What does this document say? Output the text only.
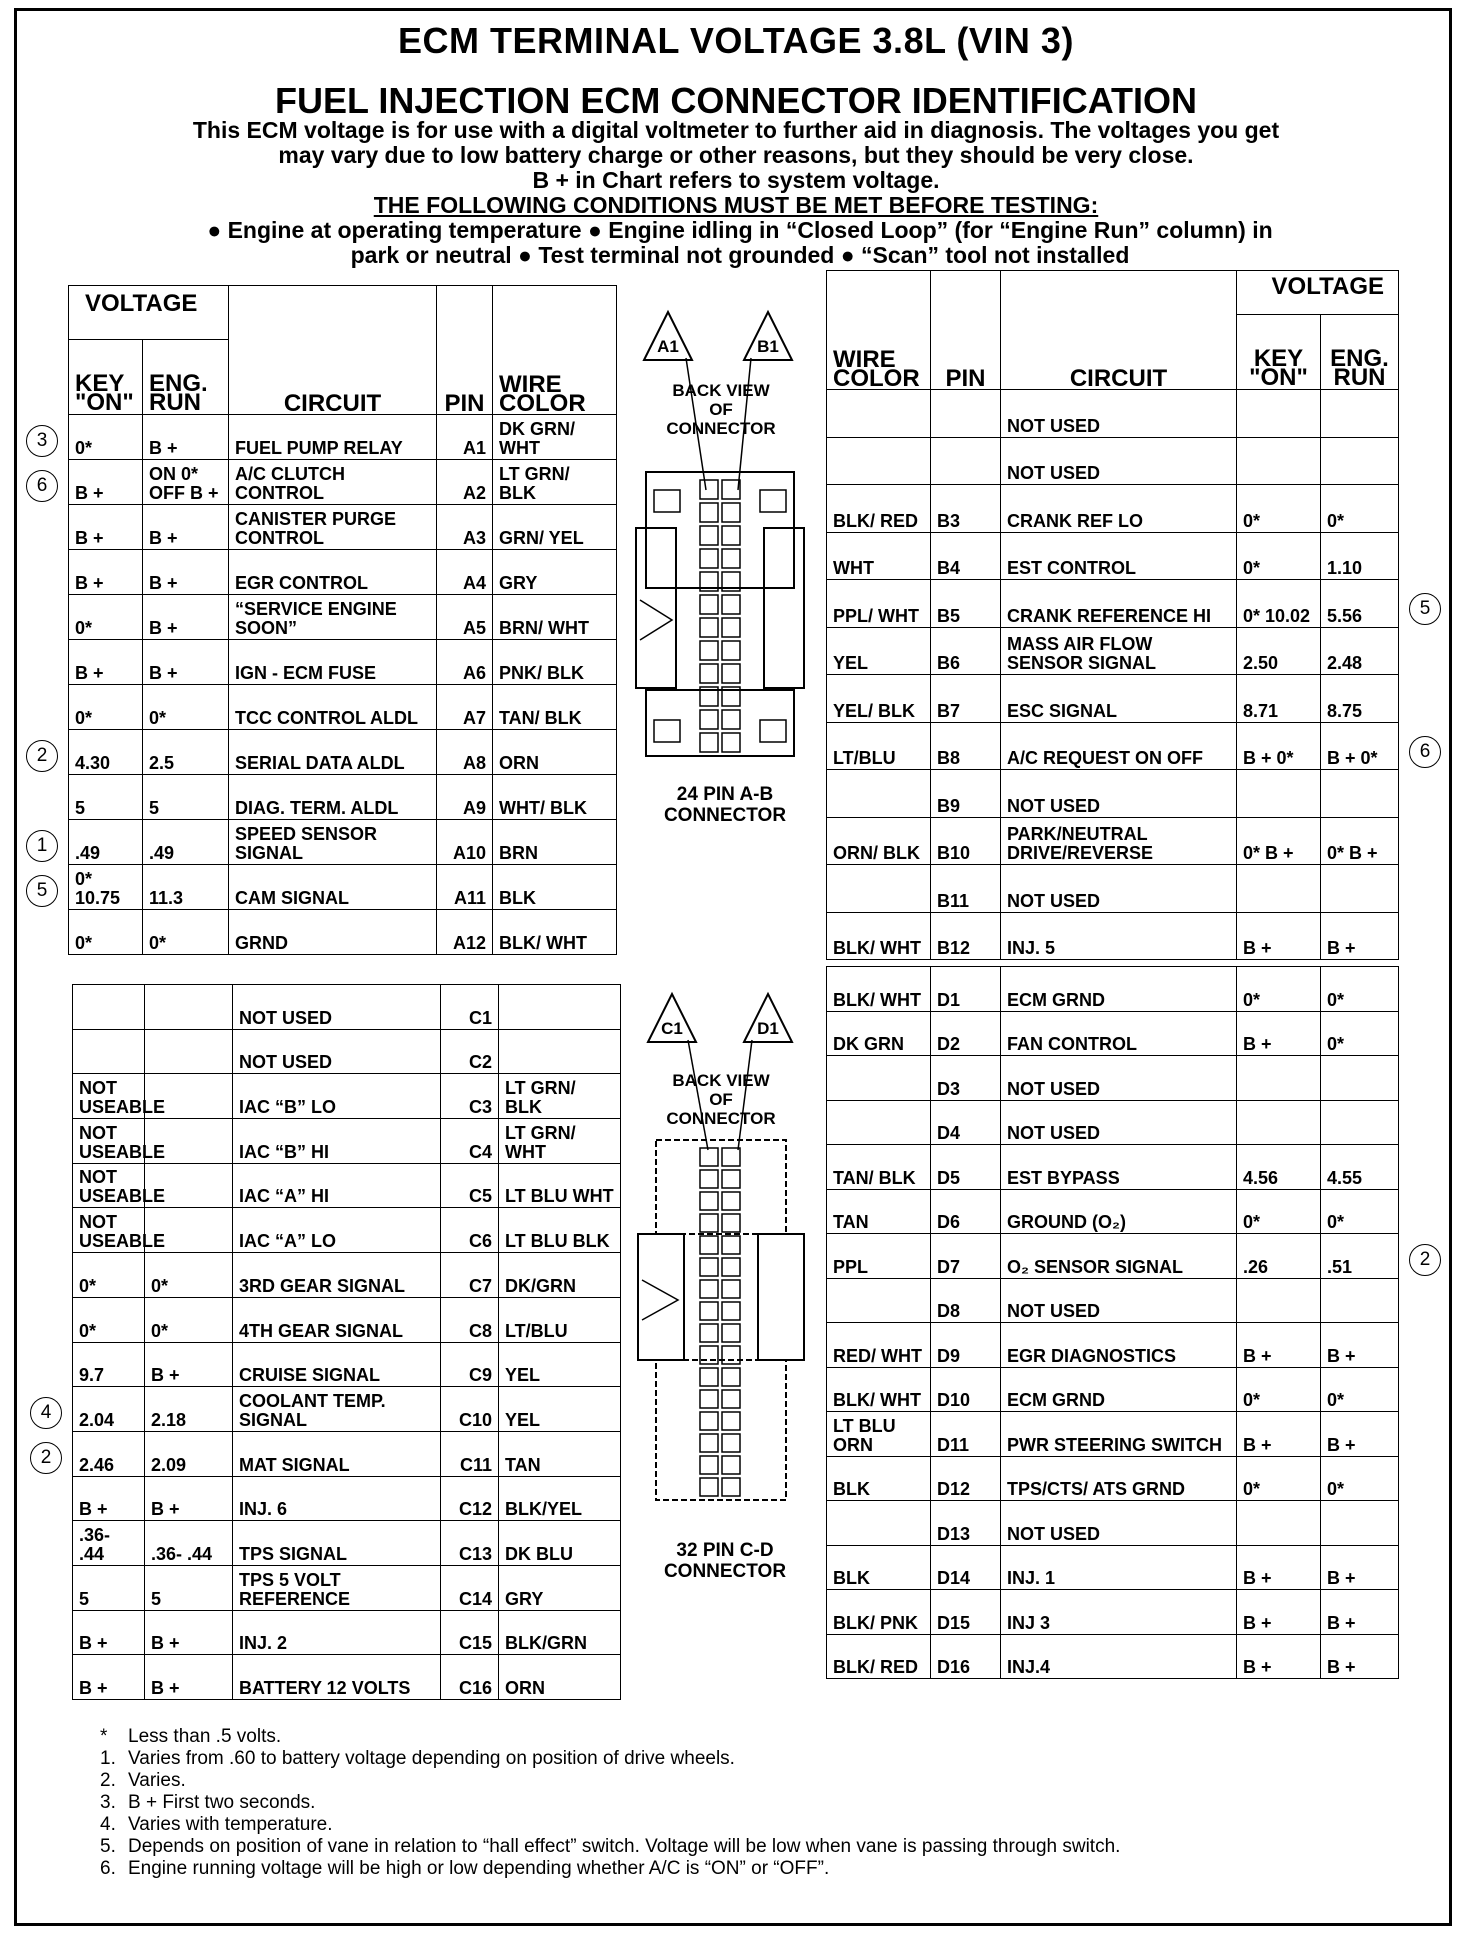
ECM TERMINAL VOLTAGE 3.8L (VIN 3)
FUEL INJECTION ECM CONNECTOR IDENTIFICATION
This ECM voltage is for use with a digital voltmeter to further aid in diagnosis. The voltages you get
may vary due to low battery charge or other reasons, but they should be very close.
B + in Chart refers to system voltage.
THE FOLLOWING CONDITIONS MUST BE MET BEFORE TESTING:
● Engine at operating temperature ● Engine idling in “Closed Loop” (for “Engine Run” column) in
park or neutral ● Test terminal not grounded ● “Scan” tool not installed
VOLTAGE
KEY "ON"
ENG. RUN		CIRCUIT	PIN	WIRE COLOR
0*	B +	FUEL PUMP RELAY	A1	DK GRN/ WHT
B +	ON 0* OFF B +	A/C CLUTCH CONTROL	A2	LT GRN/ BLK
B +	B +	CANISTER PURGE CONTROL	A3	GRN/ YEL
B +	B +	EGR CONTROL	A4	GRY
0*	B +	“SERVICE ENGINE SOON”	A5	BRN/ WHT
B +	B +	IGN - ECM FUSE	A6	PNK/ BLK
0*	0*	TCC CONTROL ALDL	A7	TAN/ BLK
4.30	2.5	SERIAL DATA ALDL	A8	ORN
5	5	DIAG. TERM. ALDL	A9	WHT/ BLK
.49	.49	SPEED SENSOR SIGNAL	A10	BRN
0* 10.75	11.3	CAM SIGNAL	A11	BLK
0*	0*	GRND	A12	BLK/ WHT
		NOT USED	C1	
		NOT USED	C2	
NOT USEABLE		IAC “B” LO	C3	LT GRN/ BLK
NOT USEABLE		IAC “B” HI	C4	LT GRN/ WHT
NOT USEABLE		IAC “A” HI	C5	LT BLU WHT
NOT USEABLE		IAC “A” LO	C6	LT BLU BLK
0*	0*	3RD GEAR SIGNAL	C7	DK/GRN
0*	0*	4TH GEAR SIGNAL	C8	LT/BLU
9.7	B +	CRUISE SIGNAL	C9	YEL
2.04	2.18	COOLANT TEMP. SIGNAL	C10	YEL
2.46	2.09	MAT SIGNAL	C11	TAN
B +	B +	INJ. 6	C12	BLK/YEL
.36- .44	.36- .44	TPS SIGNAL	C13	DK BLU
5	5	TPS 5 VOLT REFERENCE	C14	GRY
B +	B +	INJ. 2	C15	BLK/GRN
B +	B +	BATTERY 12 VOLTS	C16	ORN
WIRE COLOR	PIN	CIRCUIT	VOLTAGE
KEY "ON"
ENG. RUN	

		NOT USED		
		NOT USED		
BLK/ RED	B3	CRANK REF LO	0*	0*
WHT	B4	EST CONTROL	0*	1.10
PPL/ WHT	B5	CRANK REFERENCE HI	0* 10.02	5.56
YEL	B6	MASS AIR FLOW SENSOR SIGNAL	2.50	2.48
YEL/ BLK	B7	ESC SIGNAL	8.71	8.75
LT/BLU	B8	A/C REQUEST ON OFF	B + 0*	B + 0*
	B9	NOT USED		
ORN/ BLK	B10	PARK/NEUTRAL DRIVE/REVERSE	0* B +	0* B +
	B11	NOT USED		
BLK/ WHT	B12	INJ. 5	B +	B +
BLK/ WHT	D1	ECM GRND	0*	0*
DK GRN	D2	FAN CONTROL	B +	0*
	D3	NOT USED		
	D4	NOT USED		
TAN/ BLK	D5	EST BYPASS	4.56	4.55
TAN	D6	GROUND (O₂)	0*	0*
PPL	D7	O₂ SENSOR SIGNAL	.26	.51
	D8	NOT USED		
RED/ WHT	D9	EGR DIAGNOSTICS	B +	B +
BLK/ WHT	D10	ECM GRND	0*	0*
LT BLU ORN	D11	PWR STEERING SWITCH	B +	B +
BLK	D12	TPS/CTS/ ATS GRND	0*	0*
	D13	NOT USED		
BLK	D14	INJ. 1	B +	B +
BLK/ PNK	D15	INJ 3	B +	B +
BLK/ RED	D16	INJ.4	B +	B +
A1	B1
BACK VIEW
OF
CONNECTOR
24 PIN A-B CONNECTOR
C1	D1
BACK VIEW
OF
CONNECTOR
32 PIN C-D CONNECTOR
*	Less than .5 volts.
1. Varies from .60 to battery voltage depending on position of drive wheels.
2. Varies.
3. B + First two seconds.
4. Varies with temperature.
5. Depends on position of vane in relation to “hall effect” switch. Voltage will be low when vane is passing through switch.
6. Engine running voltage will be high or low depending whether A/C is “ON” or “OFF”.
3
6
2
1
5
4
2
5
6
2
